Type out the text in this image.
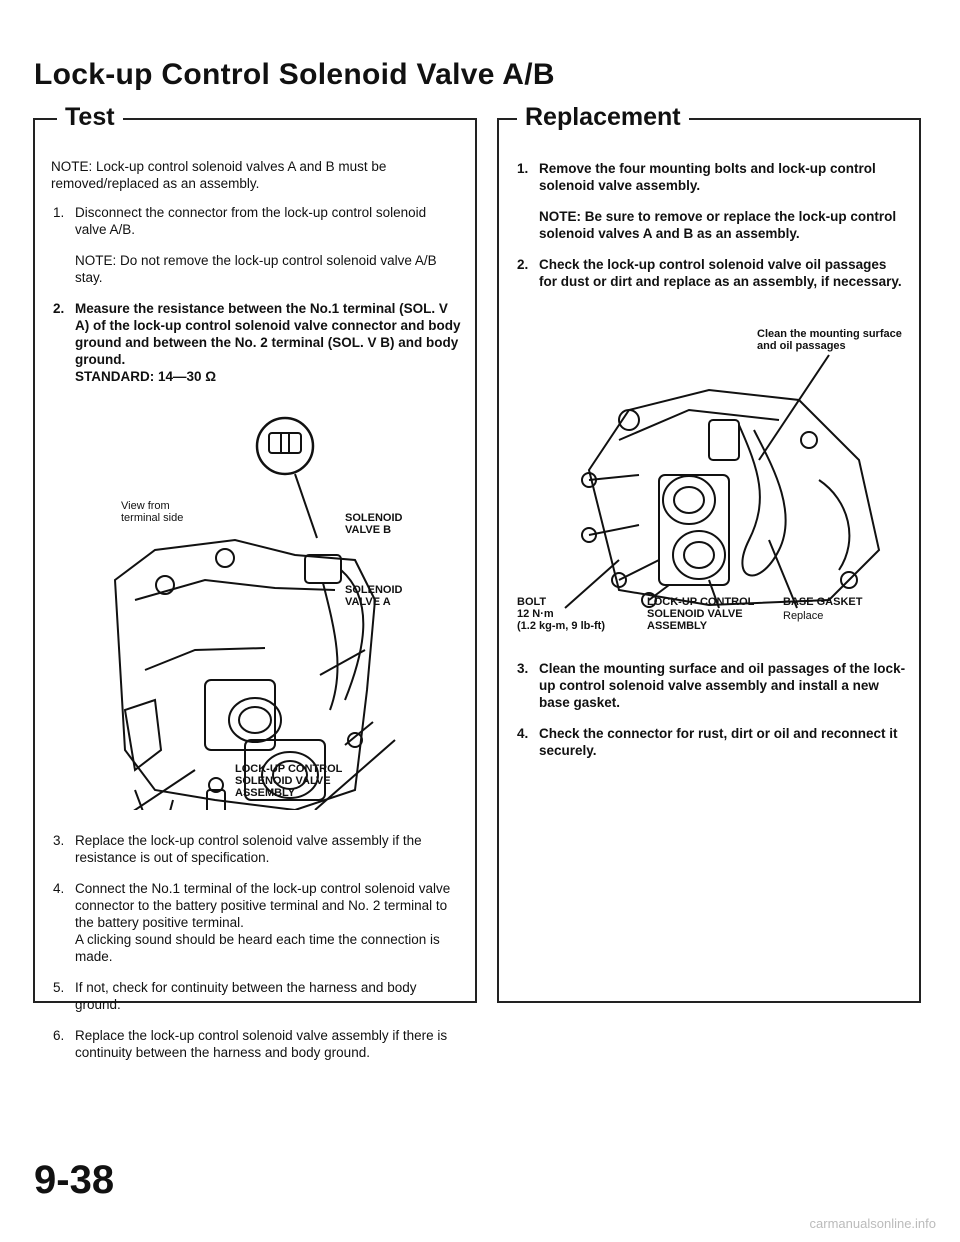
Lock-up Control Solenoid Valve A/B
Test

NOTE: Lock-up control solenoid valves A and B must be removed/replaced as an assembly.

1. Disconnect the connector from the lock-up control solenoid valve A/B.

NOTE: Do not remove the lock-up control solenoid valve A/B stay.

2. Measure the resistance between the No.1 terminal (SOL. V A) of the lock-up control solenoid valve connector and body ground and between the No. 2 terminal (SOL. V B) and body ground.

STANDARD: 14—30 Ω

View from terminal side	SOLENOID VALVE B
SOLENOID VALVE A
LOCK-UP CONTROL
SOLENOID VALVE
ASSEMBLY
3. Replace the lock-up control solenoid valve assembly if the resistance is out of specification.

4. Connect the No.1 terminal of the lock-up control solenoid valve connector to the battery positive terminal and No. 2 terminal to the battery positive terminal.

A clicking sound should be heard each time the connection is made.

5. If not, check for continuity between the harness and body ground.

6. Replace the lock-up control solenoid valve assembly if there is continuity between the harness and body ground.

Replacement
1. Remove the four mounting bolts and lock-up control solenoid valve assembly.

NOTE: Be sure to remove or replace the lock-up control solenoid valves A and B as an assembly.

2. Check the lock-up control solenoid valve oil passages for dust or dirt and replace as an assembly, if necessary.

Clean the mounting surface
and oil passages
BOLT
12 N·m
(1.2 kg-m, 9 lb-ft)
LOCK-UP CONTROL
SOLENOID VALVE
ASSEMBLY
BASE GASKET
Replace
3. Clean the mounting surface and oil passages of the lock-up control solenoid valve assembly and install a new base gasket.

4. Check the connector for rust, dirt or oil and reconnect it securely.

9-38
carmanualsonline.info
